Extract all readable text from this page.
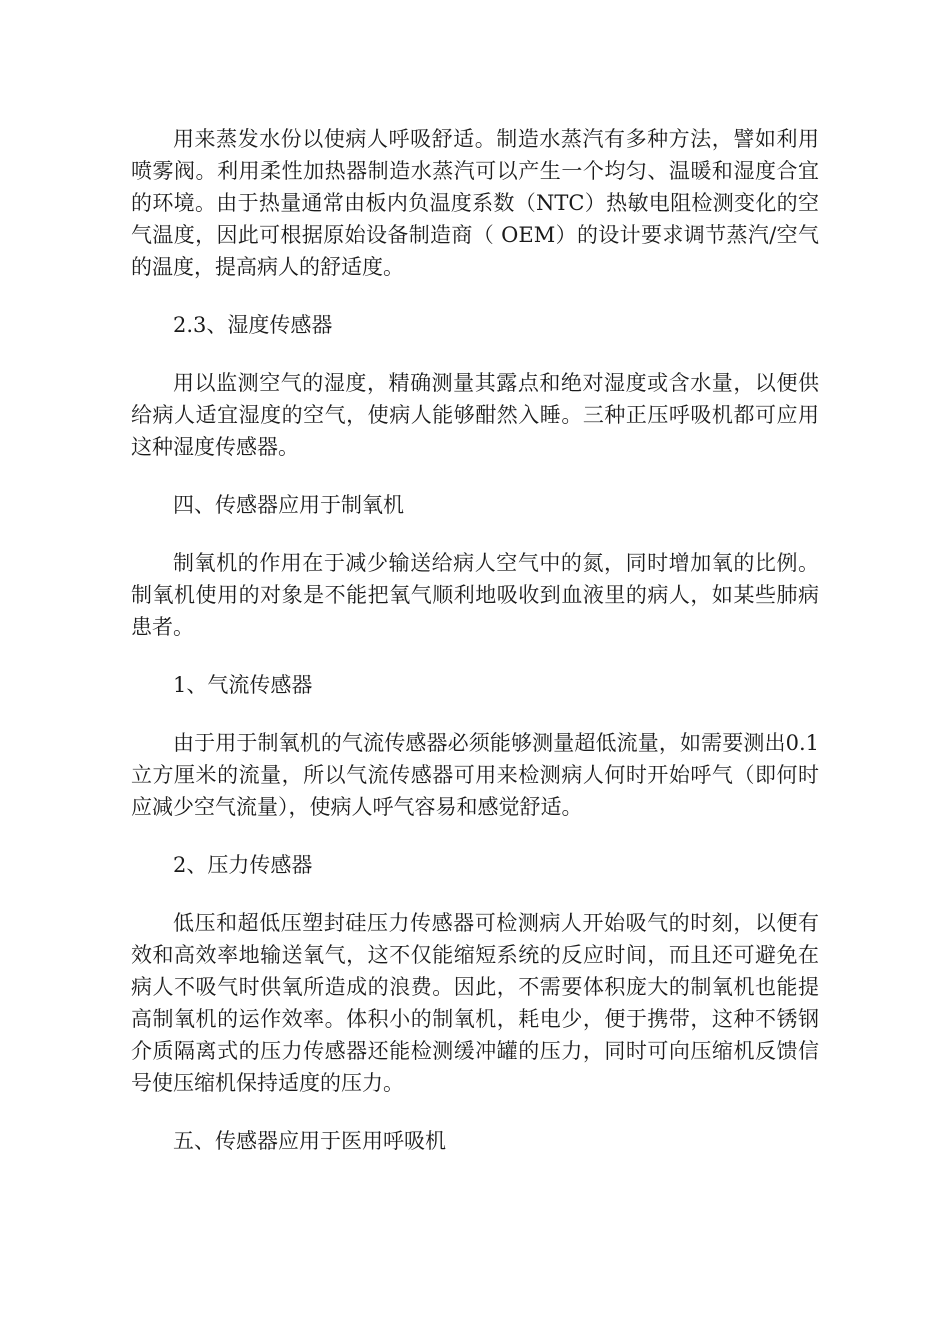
用来蒸发水份以使病人呼吸舒适。制造水蒸汽有多种方法，譬如利用喷雾阀。利用柔性加热器制造水蒸汽可以产生一个均匀、温暖和湿度合宜的环境。由于热量通常由板内负温度系数（NTC）热敏电阻检测变化的空气温度，因此可根据原始设备制造商（ OEM）的设计要求调节蒸汽/空气的温度，提高病人的舒适度。

2.3、湿度传感器

用以监测空气的湿度，精确测量其露点和绝对湿度或含水量，以便供给病人适宜湿度的空气，使病人能够酣然入睡。三种正压呼吸机都可应用这种湿度传感器。

四、传感器应用于制氧机

制氧机的作用在于减少输送给病人空气中的氮，同时增加氧的比例。制氧机使用的对象是不能把氧气顺利地吸收到血液里的病人，如某些肺病患者。

1、气流传感器

由于用于制氧机的气流传感器必须能够测量超低流量，如需要测出0.1立方厘米的流量，所以气流传感器可用来检测病人何时开始呼气（即何时应减少空气流量），使病人呼气容易和感觉舒适。

2、压力传感器

低压和超低压塑封硅压力传感器可检测病人开始吸气的时刻，以便有效和高效率地输送氧气，这不仅能缩短系统的反应时间，而且还可避免在病人不吸气时供氧所造成的浪费。因此，不需要体积庞大的制氧机也能提高制氧机的运作效率。体积小的制氧机，耗电少，便于携带，这种不锈钢介质隔离式的压力传感器还能检测缓冲罐的压力，同时可向压缩机反馈信号使压缩机保持适度的压力。

五、传感器应用于医用呼吸机
